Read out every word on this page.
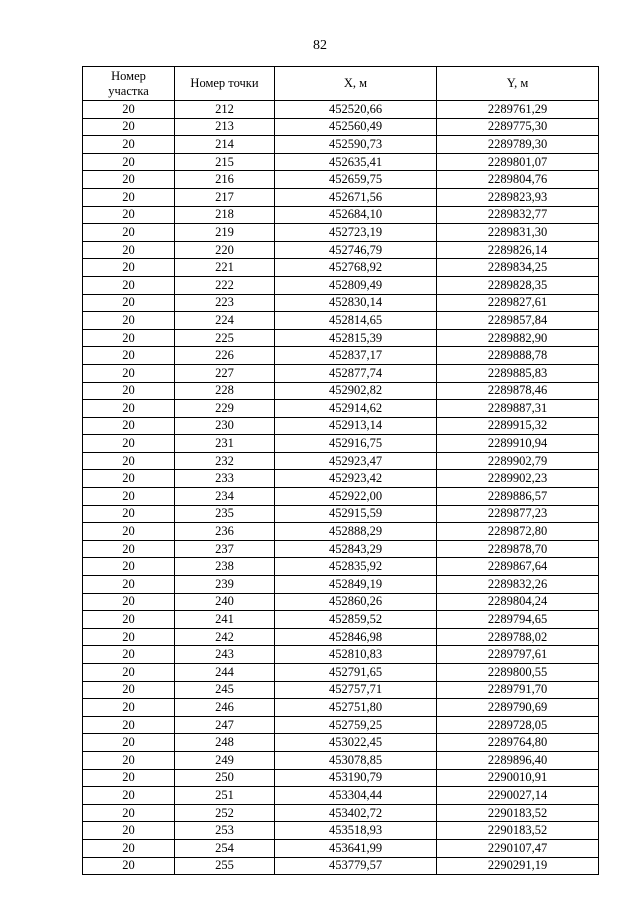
82
Номер
участка	Номер точки	X, м	Y, м
20	212	452520,66	2289761,29
20	213	452560,49	2289775,30
20	214	452590,73	2289789,30
20	215	452635,41	2289801,07
20	216	452659,75	2289804,76
20	217	452671,56	2289823,93
20	218	452684,10	2289832,77
20	219	452723,19	2289831,30
20	220	452746,79	2289826,14
20	221	452768,92	2289834,25
20	222	452809,49	2289828,35
20	223	452830,14	2289827,61
20	224	452814,65	2289857,84
20	225	452815,39	2289882,90
20	226	452837,17	2289888,78
20	227	452877,74	2289885,83
20	228	452902,82	2289878,46
20	229	452914,62	2289887,31
20	230	452913,14	2289915,32
20	231	452916,75	2289910,94
20	232	452923,47	2289902,79
20	233	452923,42	2289902,23
20	234	452922,00	2289886,57
20	235	452915,59	2289877,23
20	236	452888,29	2289872,80
20	237	452843,29	2289878,70
20	238	452835,92	2289867,64
20	239	452849,19	2289832,26
20	240	452860,26	2289804,24
20	241	452859,52	2289794,65
20	242	452846,98	2289788,02
20	243	452810,83	2289797,61
20	244	452791,65	2289800,55
20	245	452757,71	2289791,70
20	246	452751,80	2289790,69
20	247	452759,25	2289728,05
20	248	453022,45	2289764,80
20	249	453078,85	2289896,40
20	250	453190,79	2290010,91
20	251	453304,44	2290027,14
20	252	453402,72	2290183,52
20	253	453518,93	2290183,52
20	254	453641,99	2290107,47
20	255	453779,57	2290291,19
